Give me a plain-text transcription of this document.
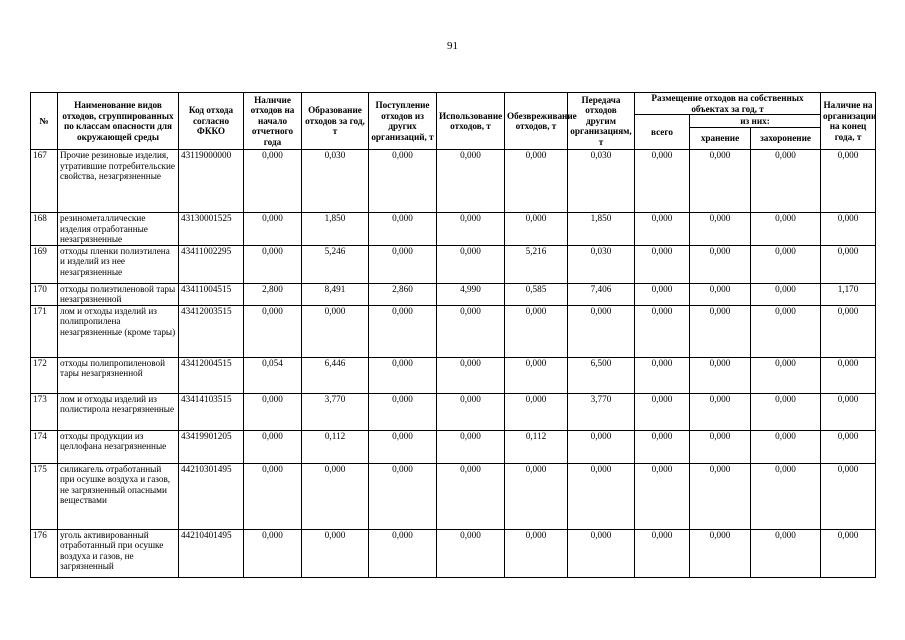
91
№	Наименование видов отходов, сгруппированных по классам опасности для окружающей среды	Код отхода согласно ФККО	Наличие отходов на начало отчетного года	Образование отходов за год, т	Поступление отходов из других организаций, т	Использование отходов, т	Обезвреживание отходов, т	Передача отходов другим организациям, т	Размещение отходов на собственных объектах за год, т			Наличие на организации на конец года, т
									всего	из них:		
										хранение	захоронение	
167	Прочие резиновые изделия, утратившие потребительские свойства, незагрязненные	43119000000	0,000	0,030	0,000	0,000	0,000	0,030	0,000	0,000	0,000	0,000
168	резинометаллические изделия отработанные незагрязненные	43130001525	0,000	1,850	0,000	0,000	0,000	1,850	0,000	0,000	0,000	0,000
169	отходы пленки полиэтилена и изделий из нее незагрязненные	43411002295	0,000	5,246	0,000	0,000	5,216	0,030	0,000	0,000	0,000	0,000
170	отходы полиэтиленовой тары незагрязненной	43411004515	2,800	8,491	2,860	4,990	0,585	7,406	0,000	0,000	0,000	1,170
171	лом и отходы изделий из полипропилена незагрязненные (кроме тары)	43412003515	0,000	0,000	0,000	0,000	0,000	0,000	0,000	0,000	0,000	0,000
172	отходы полипропиленовой тары незагрязненной	43412004515	0,054	6,446	0,000	0,000	0,000	6,500	0,000	0,000	0,000	0,000
173	лом и отходы изделий из полистирола незагрязненные	43414103515	0,000	3,770	0,000	0,000	0,000	3,770	0,000	0,000	0,000	0,000
174	отходы продукции из целлофана незагрязненные	43419901205	0,000	0,112	0,000	0,000	0,112	0,000	0,000	0,000	0,000	0,000
175	силикагель отработанный при осушке воздуха и газов, не загрязненный опасными веществами	44210301495	0,000	0,000	0,000	0,000	0,000	0,000	0,000	0,000	0,000	0,000
176	уголь активированный отработанный при осушке воздуха и газов, не загрязненный	44210401495	0,000	0,000	0,000	0,000	0,000	0,000	0,000	0,000	0,000	0,000
